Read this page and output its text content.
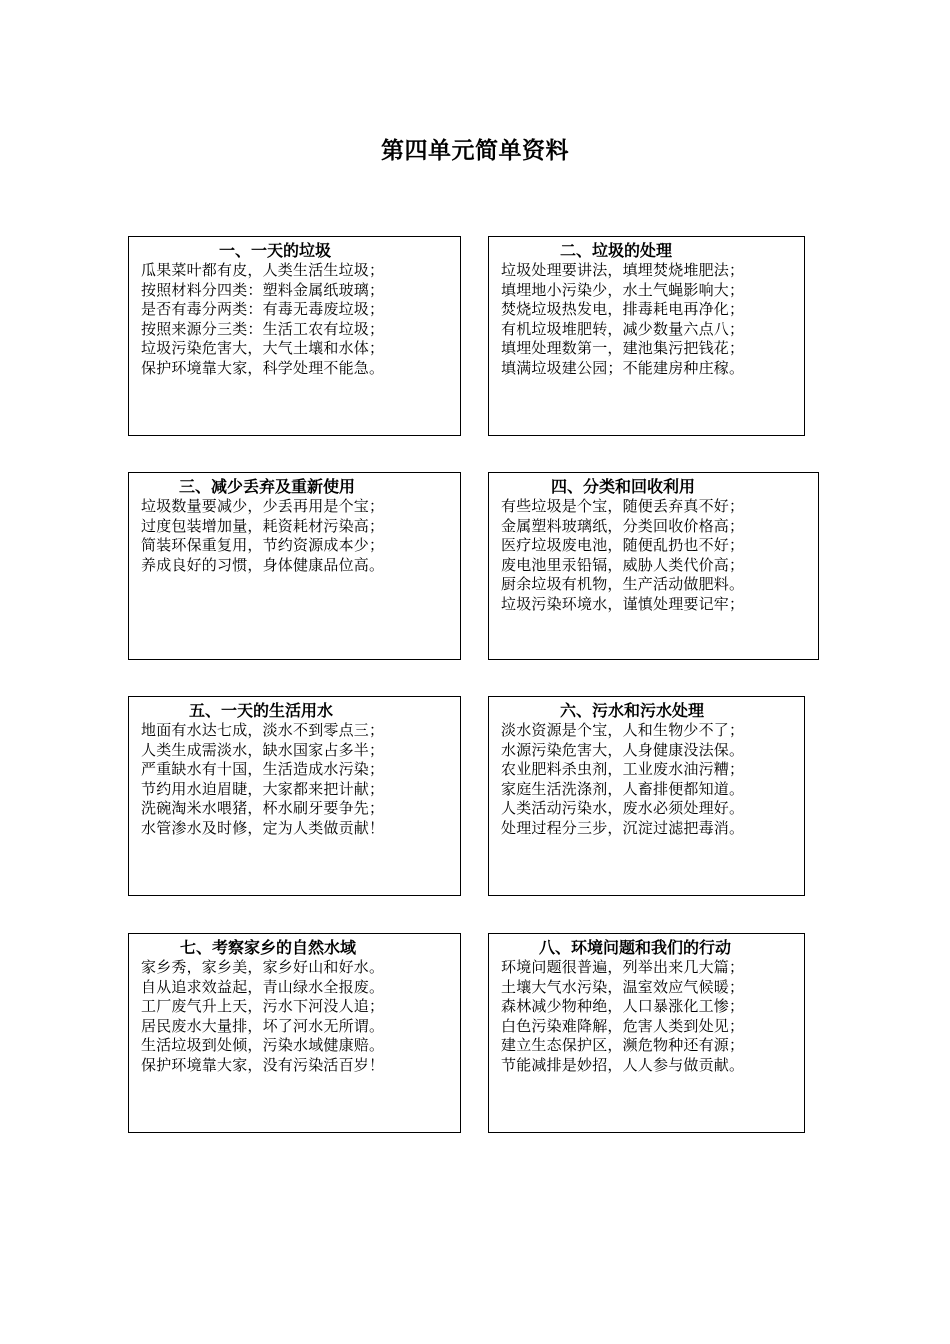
第四单元简单资料
一、一天的垃圾
瓜果菜叶都有皮，人类生活生垃圾；
按照材料分四类：塑料金属纸玻璃；
是否有毒分两类：有毒无毒废垃圾；
按照来源分三类：生活工农有垃圾；
垃圾污染危害大，大气土壤和水体；
保护环境靠大家，科学处理不能急。
二、垃圾的处理
垃圾处理要讲法，填埋焚烧堆肥法；
填埋地小污染少，水土气蝇影响大；
焚烧垃圾热发电，排毒耗电再净化；
有机垃圾堆肥转，减少数量六点八；
填埋处理数第一，建池集污把钱花；
填满垃圾建公园；不能建房种庄稼。
三、减少丢弃及重新使用
垃圾数量要减少，少丢再用是个宝；
过度包装增加量，耗资耗材污染高；
简装环保重复用，节约资源成本少；
养成良好的习惯，身体健康品位高。
四、分类和回收利用
有些垃圾是个宝，随便丢弃真不好；
金属塑料玻璃纸，分类回收价格高；
医疗垃圾废电池，随便乱扔也不好；
废电池里汞铅镉，威胁人类代价高；
厨余垃圾有机物，生产活动做肥料。
垃圾污染环境水，谨慎处理要记牢；
五、一天的生活用水
地面有水达七成，淡水不到零点三；
人类生成需淡水，缺水国家占多半；
严重缺水有十国，生活造成水污染；
节约用水迫眉睫，大家都来把计献；
洗碗淘米水喂猪，杯水刷牙要争先；
水管渗水及时修，定为人类做贡献！
六、污水和污水处理
淡水资源是个宝，人和生物少不了；
水源污染危害大，人身健康没法保。
农业肥料杀虫剂，工业废水油污糟；
家庭生活洗涤剂，人畜排便都知道。
人类活动污染水，废水必须处理好。
处理过程分三步，沉淀过滤把毒消。
七、考察家乡的自然水域
家乡秀，家乡美，家乡好山和好水。
自从追求效益起，青山绿水全报废。
工厂废气升上天，污水下河没人追；
居民废水大量排，坏了河水无所谓。
生活垃圾到处倾，污染水域健康赔。
保护环境靠大家，没有污染活百岁！
八、环境问题和我们的行动
环境问题很普遍，列举出来几大篇；
土壤大气水污染，温室效应气候暖；
森林减少物种绝，人口暴涨化工惨；
白色污染难降解，危害人类到处见；
建立生态保护区，濒危物种还有源；
节能减排是妙招，人人参与做贡献。
